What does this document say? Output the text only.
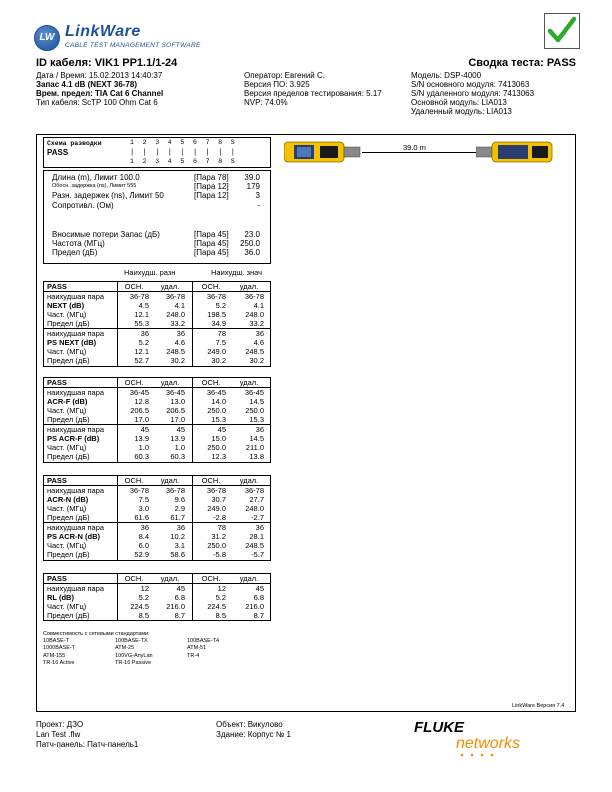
LW LinkWare
CABLE TEST MANAGEMENT SOFTWARE
ID кабеля: VIK1 PP1.1/1-24	Сводка теста: PASS
Дата / Время: 15.02.2013 14:40:37
Запас 4.1 dB (NEXT 36-78)
Врем. предел: TIA Cat 6 Channel
Тип кабеля: ScTP 100 Ohm Cat 6
Оператор: Евгений С.
Версия ПО: 3.925
Версия пределов тестирования: 5.17
NVP: 74.0%
Модель: DSP-4000
S/N основного модуля: 7413063
S/N удаленного модуля: 7413063
Основной модуль: LIA013
Удаленный модуль: LIA013
Схема разводки
PASS
1 2 3 4 5 6 7 8 S
| | | | | | | | |
1 2 3 4 5 6 7 8 S
39.0 m
Длина (m), Лимит 100.0	[Пара 78] 39.0
Обосн. задержка (ns), Лимит 555	[Пара 12] 179
Разн. задержек (ns), Лимит 50	[Пара 12]	3
Сопротивл. (Ом)	-
Вносимые потери Запас (дБ)	[Пара 45] 23.0
Частота (МГц)	[Пара 45] 250.0
Предел (дБ)	[Пара 45] 36.0
Наихудш. разн	Наихудш. знач
PASS	ОСН.	удал.	ОСН.	удал.
наихудшая пара	36-78	36-78	36-78	36-78
NEXT (dB)	4.5	4.1	5.2	4.1
Част. (МГц)	12.1	248.0	198.5	248.0
Предел (дБ)	55.3	33.2	34.9	33.2
наихудшая пара	36	36	78	36
PS NEXT (dB)	5.2	4.6	7.5	4.6
Част. (МГц)	12.1	248.5	249.0	248.5
Предел (дБ)	52.7	30.2	30.2	30.2
PASS	ОСН.	удал.	ОСН.	удал.
наихудшая пара	36-45	36-45	36-45	36-45
ACR-F (dB)	12.8	13.0	14.0	14.5
Част. (МГц)	206.5	206.5	250.0	250.0
Предел (дБ)	17.0	17.0	15.3	15.3
наихудшая пара	45	45	45	36
PS ACR-F (dB)	13.9	13.9	15.0	14.5
Част. (МГц)	1.0	1.0	250.0	211.0
Предел (дБ)	60.3	60.3	12.3	13.8
PASS	ОСН.	удал.	ОСН.	удал.
наихудшая пара	36-78	36-78	36-78	36-78
ACR-N (dB)	7.5	9.6	30.7	27.7
Част. (МГц)	3.0	2.9	249.0	248.0
Предел (дБ)	61.6	61.7	-2.8	-2.7
наихудшая пара	36	36	78	36
PS ACR-N (dB)	8.4	10.2	31.2	28.1
Част. (МГц)	6.0	3.1	250.0	248.5
Предел (дБ)	52.9	58.6	-5.8	-5.7
PASS	ОСН.	удал.	ОСН.	удал.
наихудшая пара	12	45	12	45
RL (dB)	5.2	6.8	5.2	6.8
Част. (МГц)	224.5	216.0	224.5	216.0
Предел (дБ)	8.5	8.7	8.5	8.7
Совместимость с сетевыми стандартами:
10BASE-T	100BASE-TX	100BASE-T4
1000BASE-T	ATM-25	ATM-51
ATM-155	100VG-AnyLan	TR-4
TR-16 Active	TR-16 Passive
LinkWare Версия 7.4
Проект: ДЗО
Lan Test .flw
Патч-панель: Патч-панель1
Объект: Викулово
Здание: Корпус № 1	FLUKE
networks
